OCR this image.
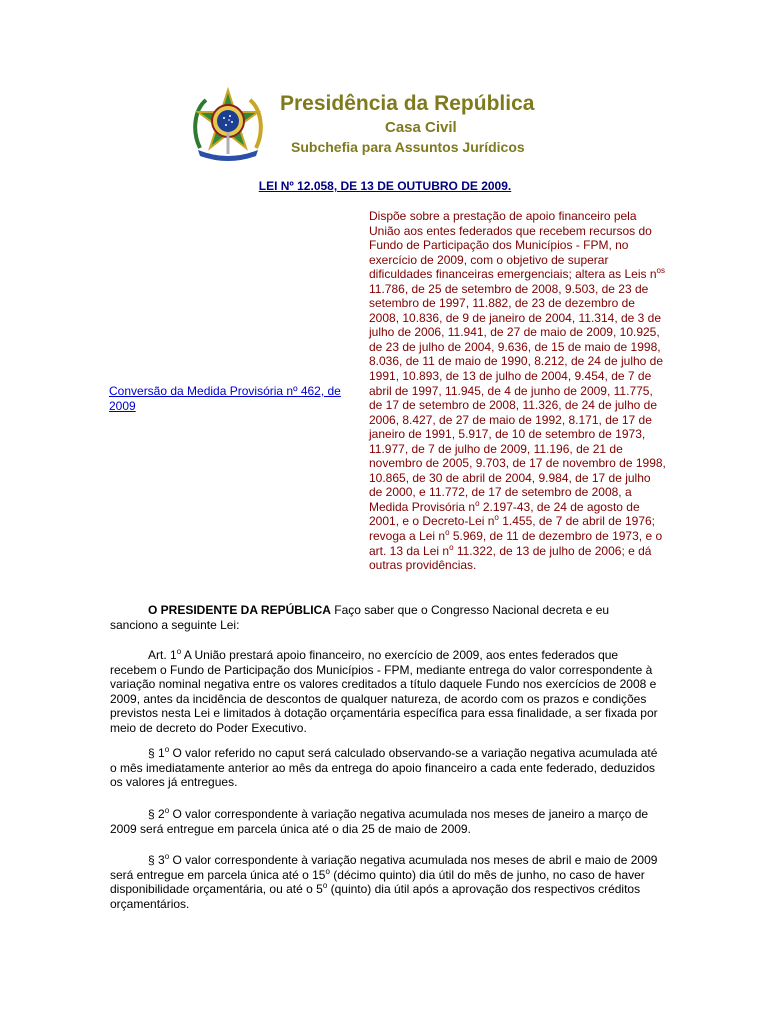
Presidência da República
Casa Civil
Subchefia para Assuntos Jurídicos
LEI Nº 12.058, DE 13 DE OUTUBRO DE 2009.
Conversão da Medida Provisória nº 462, de 2009
Dispõe sobre a prestação de apoio financeiro pela União aos entes federados que recebem recursos do Fundo de Participação dos Municípios - FPM, no exercício de 2009, com o objetivo de superar dificuldades financeiras emergenciais; altera as Leis $n^{os}$ 11.786, de 25 de setembro de 2008, 9.503, de 23 de setembro de 1997, 11.882, de 23 de dezembro de 2008, 10.836, de 9 de janeiro de 2004, 11.314, de 3 de julho de 2006, 11.941, de 27 de maio de 2009, 10.925, de 23 de julho de 2004, 9.636, de 15 de maio de 1998, 8.036, de 11 de maio de 1990, 8.212, de 24 de julho de 1991, 10.893, de 13 de julho de 2004, 9.454, de 7 de abril de 1997, 11.945, de 4 de junho de 2009, 11.775, de 17 de setembro de 2008, 11.326, de 24 de julho de 2006, 8.427, de 27 de maio de 1992, 8.171, de 17 de janeiro de 1991, 5.917, de 10 de setembro de 1973, 11.977, de 7 de julho de 2009, 11.196, de 21 de novembro de 2005, 9.703, de 17 de novembro de 1998, 10.865, de 30 de abril de 2004, 9.984, de 17 de julho de 2000, e 11.772, de 17 de setembro de 2008, a Medida Provisória $n^o$ 2.197-43, de 24 de agosto de 2001, e o Decreto-Lei $n^o$ 1.455, de 7 de abril de 1976; revoga a Lei $n^o$ 5.969, de 11 de dezembro de 1973, e o art. 13 da Lei $n^o$ 11.322, de 13 de julho de 2006; e dá outras providências.
O PRESIDENTE DA REPÚBLICA Faço saber que o Congresso Nacional decreta e eu sanciono a seguinte Lei:
Art. 1$^o$ A União prestará apoio financeiro, no exercício de 2009, aos entes federados que recebem o Fundo de Participação dos Municípios - FPM, mediante entrega do valor correspondente à variação nominal negativa entre os valores creditados a título daquele Fundo nos exercícios de 2008 e 2009, antes da incidência de descontos de qualquer natureza, de acordo com os prazos e condições previstos nesta Lei e limitados à dotação orçamentária específica para essa finalidade, a ser fixada por meio de decreto do Poder Executivo.
§ 1$^o$ O valor referido no caput será calculado observando-se a variação negativa acumulada até o mês imediatamente anterior ao mês da entrega do apoio financeiro a cada ente federado, deduzidos os valores já entregues.
§ 2$^o$ O valor correspondente à variação negativa acumulada nos meses de janeiro a março de 2009 será entregue em parcela única até o dia 25 de maio de 2009.
§ 3$^o$ O valor correspondente à variação negativa acumulada nos meses de abril e maio de 2009 será entregue em parcela única até o 15$^o$ (décimo quinto) dia útil do mês de junho, no caso de haver disponibilidade orçamentária, ou até o 5$^o$ (quinto) dia útil após a aprovação dos respectivos créditos orçamentários.
